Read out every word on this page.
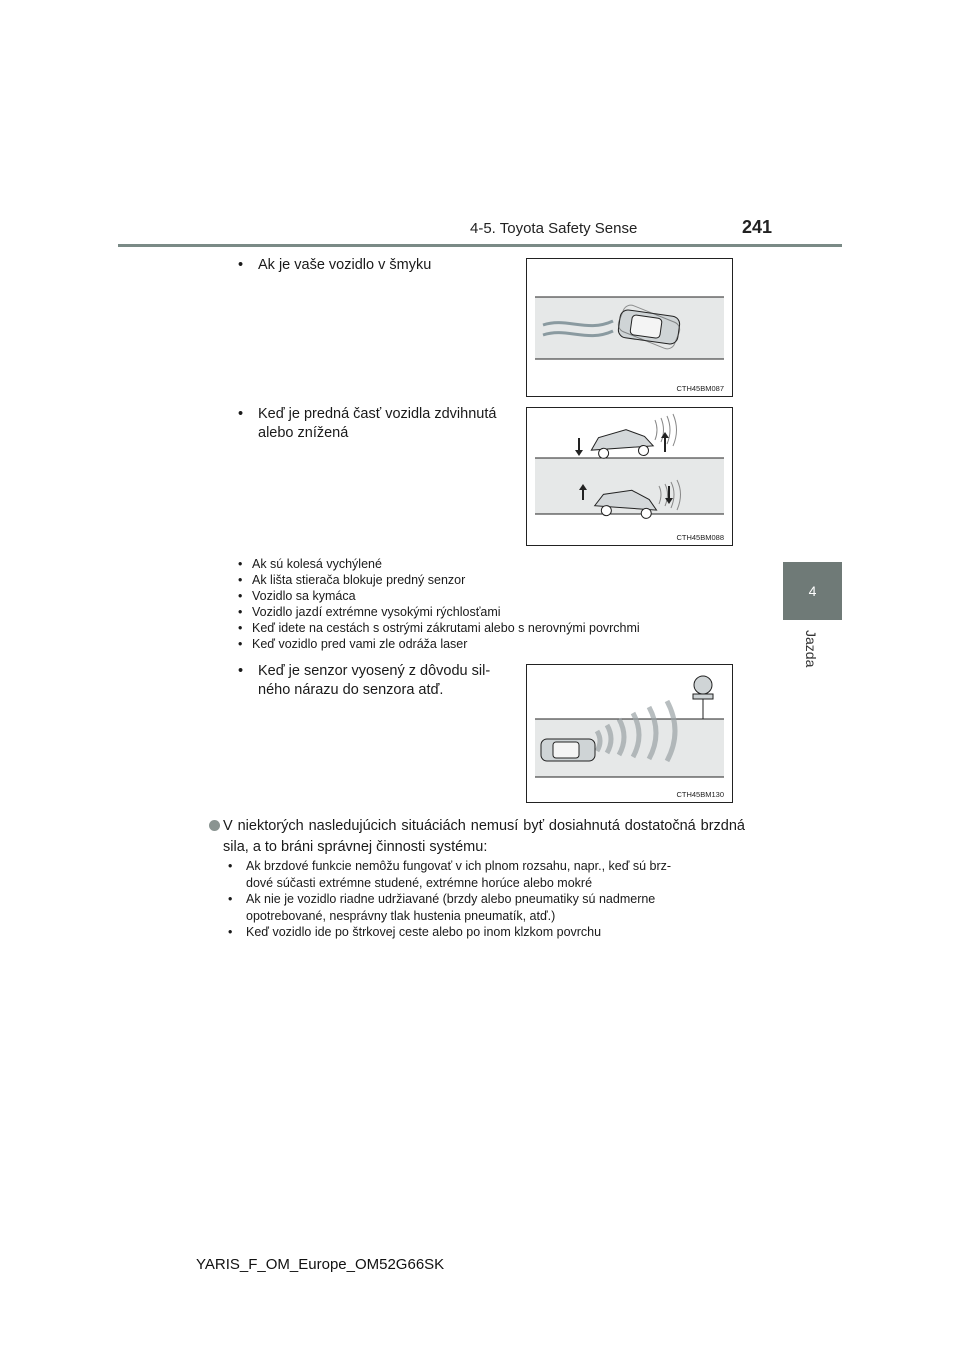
4-5. Toyota Safety Sense	241
4
Jazda
• Ak je vaše vozidlo v šmyku
CTH45BM087
• Keď je predná časť vozidla zdvihnutá
alebo znížená
CTH45BM088
• Ak sú kolesá vychýlené
• Ak lišta stierača blokuje predný senzor
• Vozidlo sa kymáca
• Vozidlo jazdí extrémne vysokými rýchlosťami
• Keď idete na cestách s ostrými zákrutami alebo s nerovnými povrchmi
• Keď vozidlo pred vami zle odráža laser
• Keď je senzor vyosený z dôvodu sil-
ného nárazu do senzora atď.
CTH45BM130
V niektorých nasledujúcich situáciách nemusí byť dosiahnutá dostatočná brzdná sila, a to bráni správnej činnosti systému:
• Ak brzdové funkcie nemôžu fungovať v ich plnom rozsahu, napr., keď sú brz-
dové súčasti extrémne studené, extrémne horúce alebo mokré
• Ak nie je vozidlo riadne udržiavané (brzdy alebo pneumatiky sú nadmerne
opotrebované, nesprávny tlak hustenia pneumatík, atď.)
• Keď vozidlo ide po štrkovej ceste alebo po inom klzkom povrchu
YARIS_F_OM_Europe_OM52G66SK
